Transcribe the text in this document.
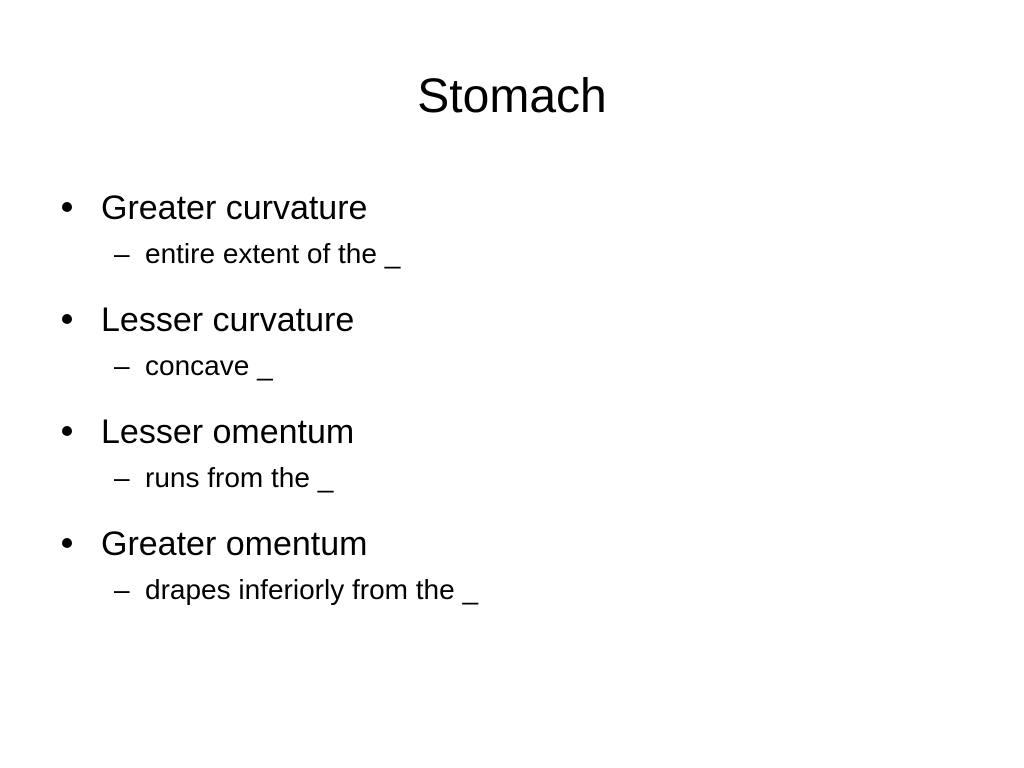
Stomach
Greater curvature
– entire extent of the _
Lesser curvature
– concave _
Lesser omentum
– runs from the _
Greater omentum
– drapes inferiorly from the _
